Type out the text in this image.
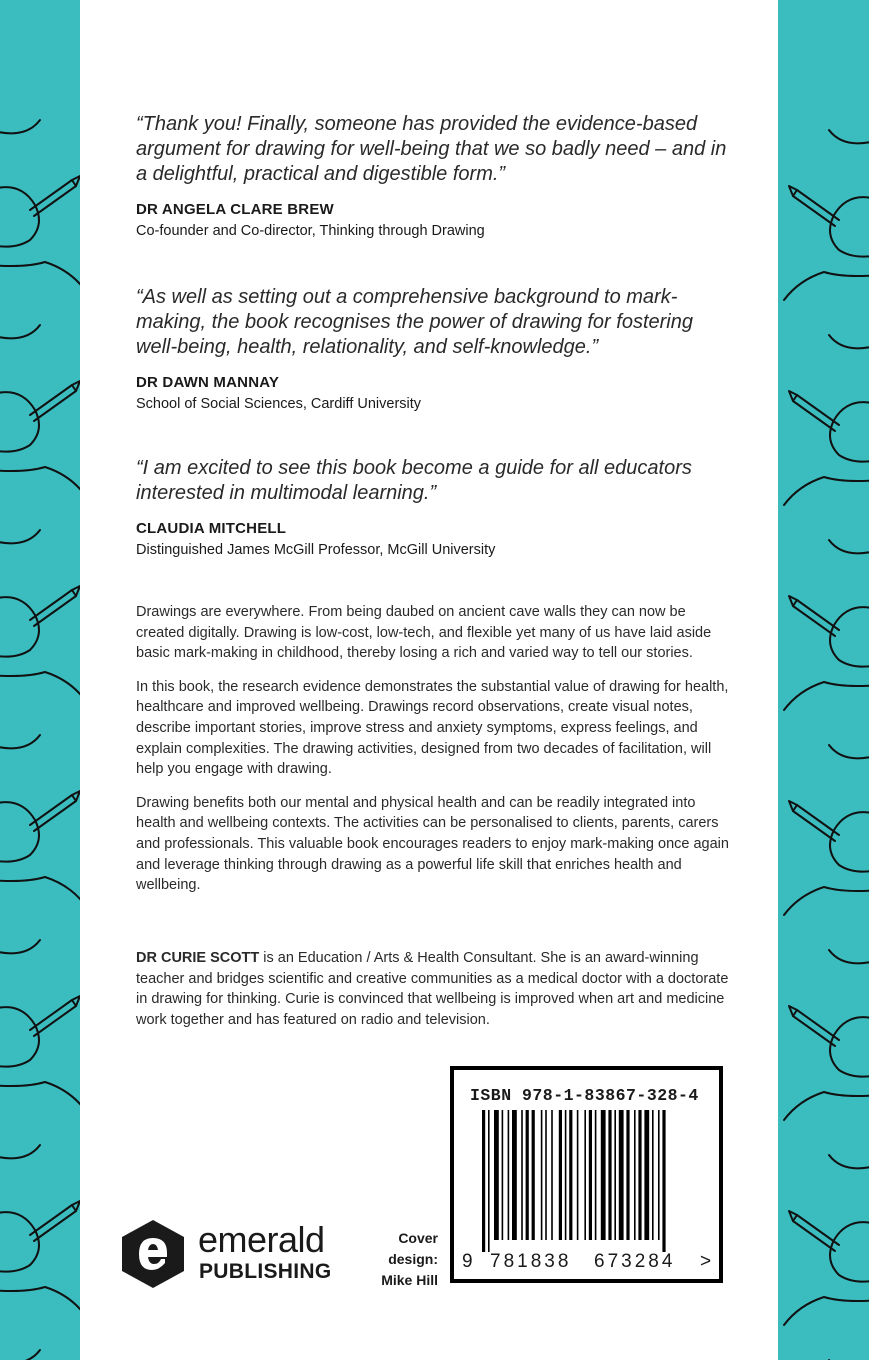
“Thank you! Finally, someone has provided the evidence-based argument for drawing for well-being that we so badly need – and in a delightful, practical and digestible form.”

DR ANGELA CLARE BREW
Co-founder and Co-director, Thinking through Drawing

“As well as setting out a comprehensive background to mark-making, the book recognises the power of drawing for fostering well-being, health, relationality, and self-knowledge.”

DR DAWN MANNAY
School of Social Sciences, Cardiff University

“I am excited to see this book become a guide for all educators interested in multimodal learning.”

CLAUDIA MITCHELL
Distinguished James McGill Professor, McGill University

Drawings are everywhere. From being daubed on ancient cave walls they can now be created digitally. Drawing is low-cost, low-tech, and flexible yet many of us have laid aside basic mark-making in childhood, thereby losing a rich and varied way to tell our stories.

In this book, the research evidence demonstrates the substantial value of drawing for health, healthcare and improved wellbeing. Drawings record observations, create visual notes, describe important stories, improve stress and anxiety symptoms, express feelings, and explain complexities. The drawing activities, designed from two decades of facilitation, will help you engage with drawing.

Drawing benefits both our mental and physical health and can be readily integrated into health and wellbeing contexts. The activities can be personalised to clients, parents, carers and professionals. This valuable book encourages readers to enjoy mark-making once again and leverage thinking through drawing as a powerful life skill that enriches health and wellbeing.

DR CURIE SCOTT is an Education / Arts & Health Consultant. She is an award-winning teacher and bridges scientific and creative communities as a medical doctor with a doctorate in drawing for thinking. Curie is convinced that wellbeing is improved when art and medicine work together and has featured on radio and television.

emerald
PUBLISHING
Cover
design:
Mike Hill
ISBN 978-1-83867-328-4
9 781838 673284 >
